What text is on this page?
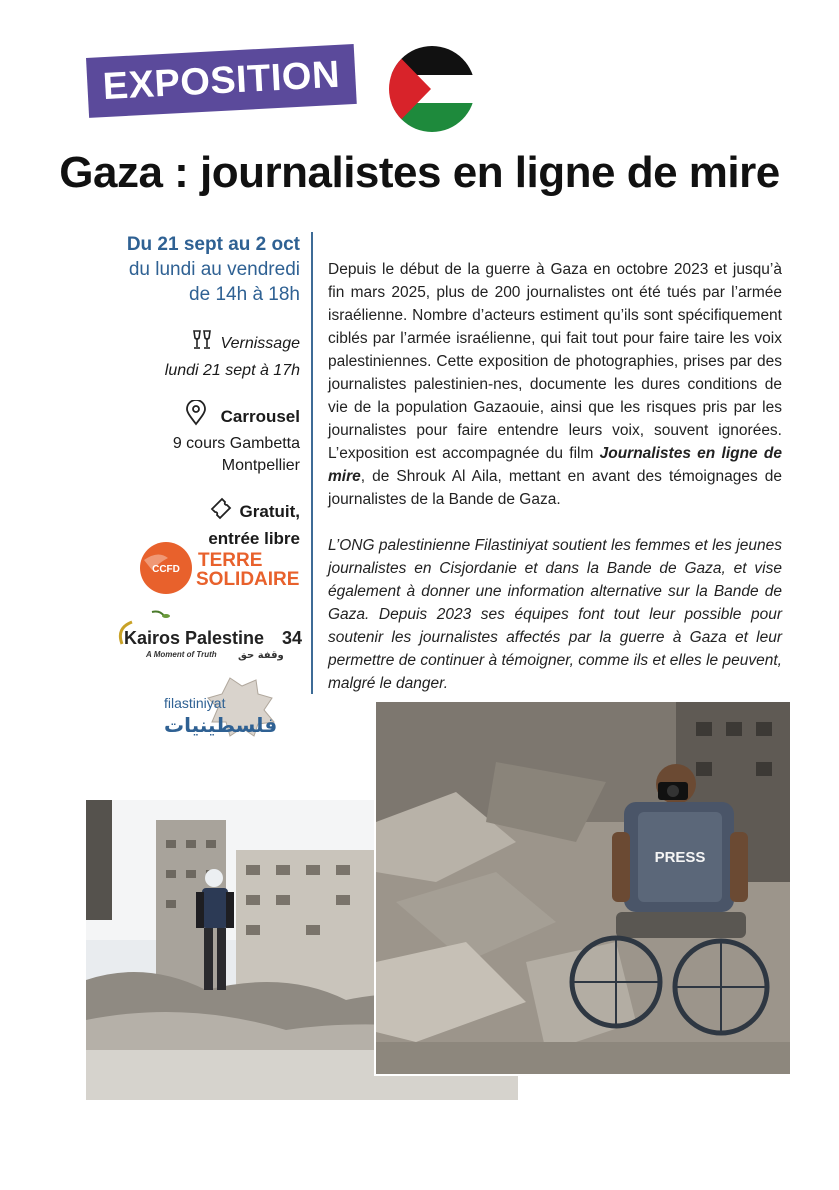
EXPOSITION
Gaza : journalistes en ligne de mire
Du 21 sept au 2 oct
du lundi au vendredi
de 14h à 18h
Vernissage
lundi 21 sept à 17h
Carrousel
9 cours Gambetta
Montpellier
Gratuit,
entrée libre
CCFD TERRE
SOLIDAIRE
Kairos Palestine 34
A Moment of Truth وقفة حق
filastiniyat
فلسطينيات

Depuis le début de la guerre à Gaza en octobre 2023 et jusqu’à fin mars 2025, plus de 200 journalistes ont été tués par l’armée israélienne. Nombre d’acteurs estiment qu’ils sont spécifiquement ciblés par l’armée israélienne, qui fait tout pour faire taire les voix palestiniennes. Cette exposition de photographies, prises par des journalistes palestinien-nes, documente les dures conditions de vie de la population Gazaouie, ainsi que les risques pris par les journalistes pour faire entendre leurs voix, souvent ignorées. L’exposition est accompagnée du film Journalistes en ligne de mire, de Shrouk Al Aila, mettant en avant des témoignages de journalistes de la Bande de Gaza.

L’ONG palestinienne Filastiniyat soutient les femmes et les jeunes journalistes en Cisjordanie et dans la Bande de Gaza, et vise également à donner une information alternative sur la Bande de Gaza. Depuis 2023 ses équipes font tout leur possible pour soutenir les journalistes affectés par la guerre à Gaza et leur permettre de continuer à témoigner, comme ils et elles le peuvent, malgré le danger.

PRESS
